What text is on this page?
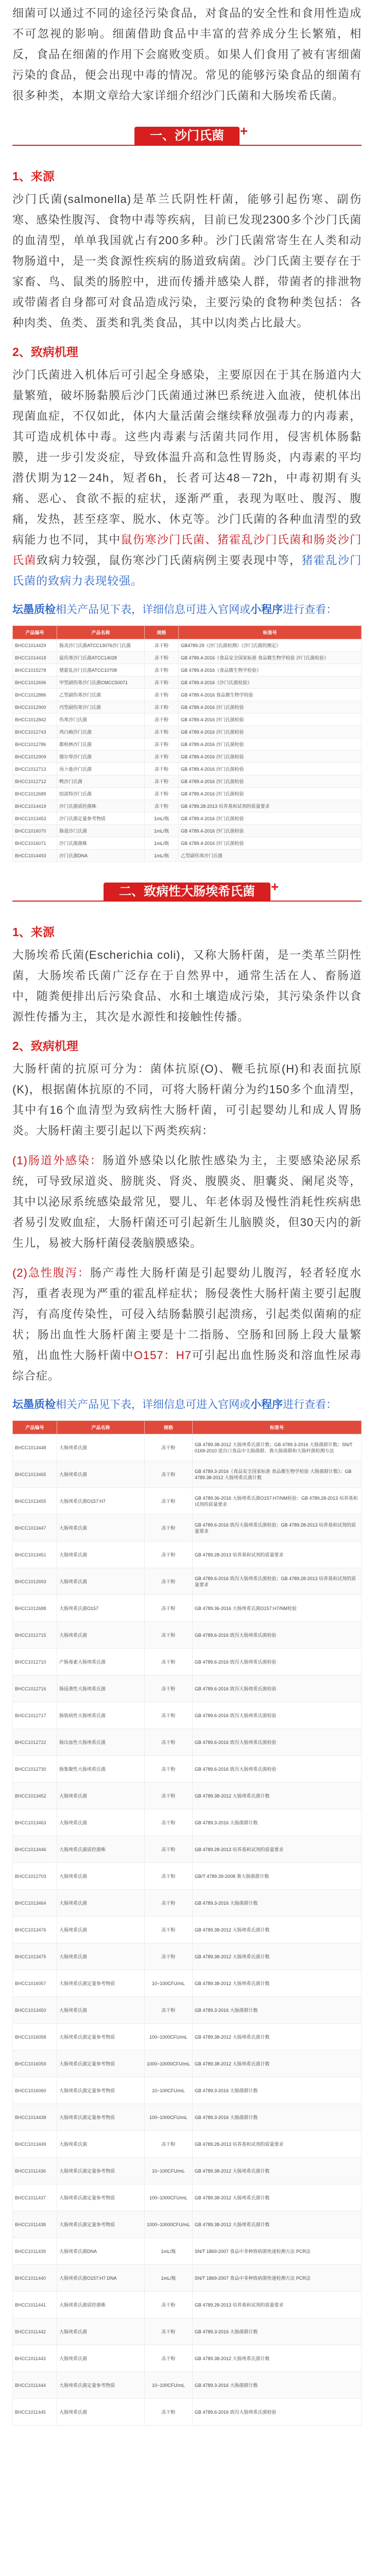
细菌可以通过不同的途径污染食品，对食品的安全性和食用性造成不可忽视的影响。细菌借助食品中丰富的营养成分生长繁殖，相反，食品在细菌的作用下会腐败变质。如果人们食用了被有害细菌污染的食品，便会出现中毒的情况。常见的能够污染食品的细菌有很多种类，本期文章给大家详细介绍沙门氏菌和大肠埃希氏菌。

一、沙门氏菌 +
1、来源

沙门氏菌(salmonella)是革兰氏阴性杆菌，能够引起伤寒、副伤寒、感染性腹泻、食物中毒等疾病，目前已发现2300多个沙门氏菌的血清型，单单我国就占有200多种。沙门氏菌常寄生在人类和动物肠道中，是一类食源性疾病的肠道致病菌。沙门氏菌主要存在于家畜、鸟、鼠类的肠腔中，进而传播并感染人群，带菌者的排泄物或带菌者自身都可对食品造成污染，主要污染的食物种类包括：各种肉类、鱼类、蛋类和乳类食品，其中以肉类占比最大。

2、致病机理

沙门氏菌进入机体后可引起全身感染，主要原因在于其在肠道内大量繁殖，破坏肠黏膜后沙门氏菌通过淋巴系统进入血液，使机体出现菌血症，不仅如此，体内大量活菌会继续释放强毒力的内毒素，其可造成机体中毒。这些内毒素与活菌共同作用，侵害机体肠黏膜，进一步引发炎症，导致体温升高和急性胃肠炎，内毒素的平均潜伏期为12－24h，短者6h，长者可达48－72h，中毒初期有头痛、恶心、食欲不振的症状，逐渐严重，表现为呕吐、腹泻、腹痛，发热，甚至痉挛、脱水、休克等。沙门氏菌的各种血清型的致病能力也不同，其中鼠伤寒沙门氏菌、猪霍乱沙门氏菌和肠炎沙门氏菌致病力较强，鼠伤寒沙门氏菌病例主要表现中等，猪霍乱沙门氏菌的致病力表现较强。

坛墨质检相关产品见下表，详细信息可进入官网或小程序进行查看：

产品编号	产品名称	规格	标准号
BHCC1014429	肠炎沙门氏菌ATCC13076沙门氏菌	冻干粉	GB4789.29《沙门氏菌检测》《沙门氏菌的测定》
BHCC1014418	鼠伤寒沙门氏菌ATCC14028	冻干粉	GB 4789.4-2016《食品安全国家标准 食品微生物学检验 沙门氏菌检验》
BHCC1015278	猪霍乱沙门氏菌ATCC10708	冻干粉	GB 4789.4-2016《食品微生物学检验》
BHCC1012696	甲型副伤寒沙门氏菌CMCC50071	冻干粉	GB 4789.4-2016《沙门氏菌检验》
BHCC1012886	乙型副伤寒沙门氏菌	冻干粉	GB 4789.4-2016 食品微生物学检验
BHCC1012900	丙型副伤寒沙门氏菌	冻干粉	GB 4789.4-2016 沙门氏菌检验
BHCC1012842	伤寒沙门氏菌	冻干粉	GB 4789.4-2016 沙门氏菌检验
BHCC1012743	鸡白痢沙门氏菌	冻干粉	GB 4789.4-2016 沙门氏菌检验
BHCC1012786	都柏林沙门氏菌	冻干粉	GB 4789.4-2016 沙门氏菌检验
BHCC1012909	德尔卑沙门氏菌	冻干粉	GB 4789.4-2016 沙门氏菌检验
BHCC1012713	汤卜逊沙门氏菌	冻干粉	GB 4789.4-2016 沙门氏菌检验
BHCC1012712	鸭沙门氏菌	冻干粉	GB 4789.4-2016 沙门氏菌检验
BHCC1012689	纽波特沙门氏菌	冻干粉	GB 4789.4-2016 沙门氏菌检验
BHCC1014419	沙门氏菌质控菌株	冻干粉	GB 4789.28-2013 培养基和试剂的质量要求
BHCC1013453	沙门氏菌定量参考物质	1mL/瓶	GB 4789.4-2016 沙门氏菌检验
BHCC1016070	肠道沙门氏菌	1mL/瓶	GB 4789.4-2016 沙门氏菌检验
BHCC1016071	沙门氏菌菌株	1mL/瓶	GB 4789.4-2016 沙门氏菌检验
BHCC1014493	沙门氏菌DNA	1mL/瓶	乙型副伤寒沙门氏菌
二、致病性大肠埃希氏菌 +
1、来源

大肠埃希氏菌(Escherichia coli)，又称大肠杆菌，是一类革兰阴性菌，大肠埃希氏菌广泛存在于自然界中，通常生活在人、畜肠道中，随粪便排出后污染食品、水和土壤造成污染，其污染条件以食源性传播为主，其次是水源性和接触性传播。

2、致病机理

大肠杆菌的抗原可分为：菌体抗原(O)、鞭毛抗原(H)和表面抗原(K)，根据菌体抗原的不同，可将大肠杆菌分为约150多个血清型，其中有16个血清型为致病性大肠杆菌，可引起婴幼儿和成人胃肠炎。大肠杆菌主要引起以下两类疾病：

(1)肠道外感染：肠道外感染以化脓性感染为主，主要感染泌尿系统，可导致尿道炎、膀胱炎、肾炎、腹膜炎、胆囊炎、阑尾炎等，其中以泌尿系统感染最常见，婴儿、年老体弱及慢性消耗性疾病患者易引发败血症，大肠杆菌还可引起新生儿脑膜炎，但30天内的新生儿，易被大肠杆菌侵袭脑膜感染。

(2)急性腹泻：肠产毒性大肠杆菌是引起婴幼儿腹泻，轻者轻度水泻，重者表现为严重的霍乱样症状；肠侵袭性大肠杆菌主要引起腹泻，有高度传染性，可侵入结肠黏膜引起溃疡，引起类似菌痢的症状；肠出血性大肠杆菌主要是十二指肠、空肠和回肠上段大量繁殖，出血性大肠杆菌中O157：H7可引起出血性肠炎和溶血性尿毒综合症。

坛墨质检相关产品见下表，详细信息可进入官网或小程序进行查看：

产品编号	产品名称	规格	标准号
BHCC1013448	大肠埃希氏菌	冻干粉	GB 4789.38-2012 大肠埃希氏菌计数；GB 4789.3-2016 大肠菌群计数；SN/T 0169-2010 进出口食品中大肠菌群、粪大肠菌群和大肠杆菌检测方法
BHCC1013465	大肠埃希氏菌	冻干粉	GB 4789.3-2016《食品安全国家标准 食品微生物学检验 大肠菌群计数》；GB 4789.38-2012 大肠埃希氏菌计数
BHCC1013455	大肠埃希氏菌O157:H7	冻干粉	GB 4789.36-2016 大肠埃希氏菌O157:H7/NM检验；GB 4789.28-2013 培养基和试剂的质量要求
BHCC1013447	大肠埃希氏菌	冻干粉	GB 4789.6-2016 致泻大肠埃希氏菌检验；GB 4789.28-2013 培养基和试剂的质量要求
BHCC1013451	大肠埃希氏菌	冻干粉	GB 4789.28-2013 培养基和试剂的质量要求
BHCC1012693	大肠埃希氏菌	冻干粉	GB 4789.6-2016 致泻大肠埃希氏菌检验；GB 4789.28-2013 培养基和试剂的质量要求
BHCC1012688	大肠埃希氏菌O157	冻干粉	GB 4789.36-2016 大肠埃希氏菌O157:H7/NM检验
BHCC1012715	大肠埃希氏菌	冻干粉	GB 4789.6-2016 致泻大肠埃希氏菌检验
BHCC1012710	产肠毒素大肠埃希氏菌	冻干粉	GB 4789.6-2016 致泻大肠埃希氏菌检验
BHCC1012716	肠侵袭性大肠埃希氏菌	冻干粉	GB 4789.6-2016 致泻大肠埃希氏菌检验
BHCC1012717	肠致病性大肠埃希氏菌	冻干粉	GB 4789.6-2016 致泻大肠埃希氏菌检验
BHCC1012722	肠出血性大肠埃希氏菌	冻干粉	GB 4789.6-2016 致泻大肠埃希氏菌检验
BHCC1012730	肠集聚性大肠埃希氏菌	冻干粉	GB 4789.6-2016 致泻大肠埃希氏菌检验
BHCC1013452	大肠埃希氏菌	冻干粉	GB 4789.38-2012 大肠埃希氏菌计数
BHCC1013463	大肠埃希氏菌	冻干粉	GB 4789.3-2016 大肠菌群计数
BHCC1013446	大肠埃希氏菌质控菌株	冻干粉	GB 4789.28-2013 培养基和试剂的质量要求
BHCC1012703	大肠埃希氏菌	冻干粉	GB/T 4789.39-2008 粪大肠菌群计数
BHCC1013464	大肠埃希氏菌	冻干粉	GB 4789.3-2016 大肠菌群计数
BHCC1013476	大肠埃希氏菌	冻干粉	GB 4789.38-2012 大肠埃希氏菌计数
BHCC1013475	大肠埃希氏菌	冻干粉	GB 4789.38-2012 大肠埃希氏菌计数
BHCC1016057	大肠埃希氏菌定量参考物质	10~100CFU/mL	GB 4789.38-2012 大肠埃希氏菌计数
BHCC1013450	大肠埃希氏菌	冻干粉	GB 4789.3-2016 大肠菌群计数
BHCC1016058	大肠埃希氏菌定量参考物质	100~1000CFU/mL	GB 4789.38-2012 大肠埃希氏菌计数
BHCC1016059	大肠埃希氏菌定量参考物质	1000~10000CFU/mL	GB 4789.38-2012 大肠埃希氏菌计数
BHCC1016060	大肠埃希氏菌定量参考物质	10~100CFU/mL	GB 4789.3-2016 大肠菌群计数
BHCC1014438	大肠埃希氏菌定量参考物质	100~1000CFU/mL	GB 4789.3-2016 大肠菌群计数
BHCC1013449	大肠埃希氏菌	冻干粉	GB 4789.28-2013 培养基和试剂的质量要求
BHCC1011436	大肠埃希氏菌定量参考物质	10~100CFU/mL	GB 4789.38-2012 大肠埃希氏菌计数
BHCC1011437	大肠埃希氏菌定量参考物质	100~1000CFU/mL	GB 4789.38-2012 大肠埃希氏菌计数
BHCC1011438	大肠埃希氏菌定量参考物质	1000~10000CFU/mL	GB 4789.38-2012 大肠埃希氏菌计数
BHCC1011439	大肠埃希氏菌DNA	1mL/瓶	SN/T 1869-2007 食品中多种致病菌快速检测方法 PCR法
BHCC1011440	大肠埃希氏菌O157:H7 DNA	1mL/瓶	SN/T 1869-2007 食品中多种致病菌快速检测方法 PCR法
BHCC1011441	大肠埃希氏菌质控菌株	冻干粉	GB 4789.28-2013 培养基和试剂的质量要求
BHCC1011442	大肠埃希氏菌	冻干粉	GB 4789.3-2016 大肠菌群计数
BHCC1011443	大肠埃希氏菌	冻干粉	GB 4789.38-2012 大肠埃希氏菌计数
BHCC1011444	大肠埃希氏菌定量参考物质	10~100CFU/mL	GB 4789.3-2016 大肠菌群计数
BHCC1011445	大肠埃希氏菌	冻干粉	GB 4789.6-2016 致泻大肠埃希氏菌检验
